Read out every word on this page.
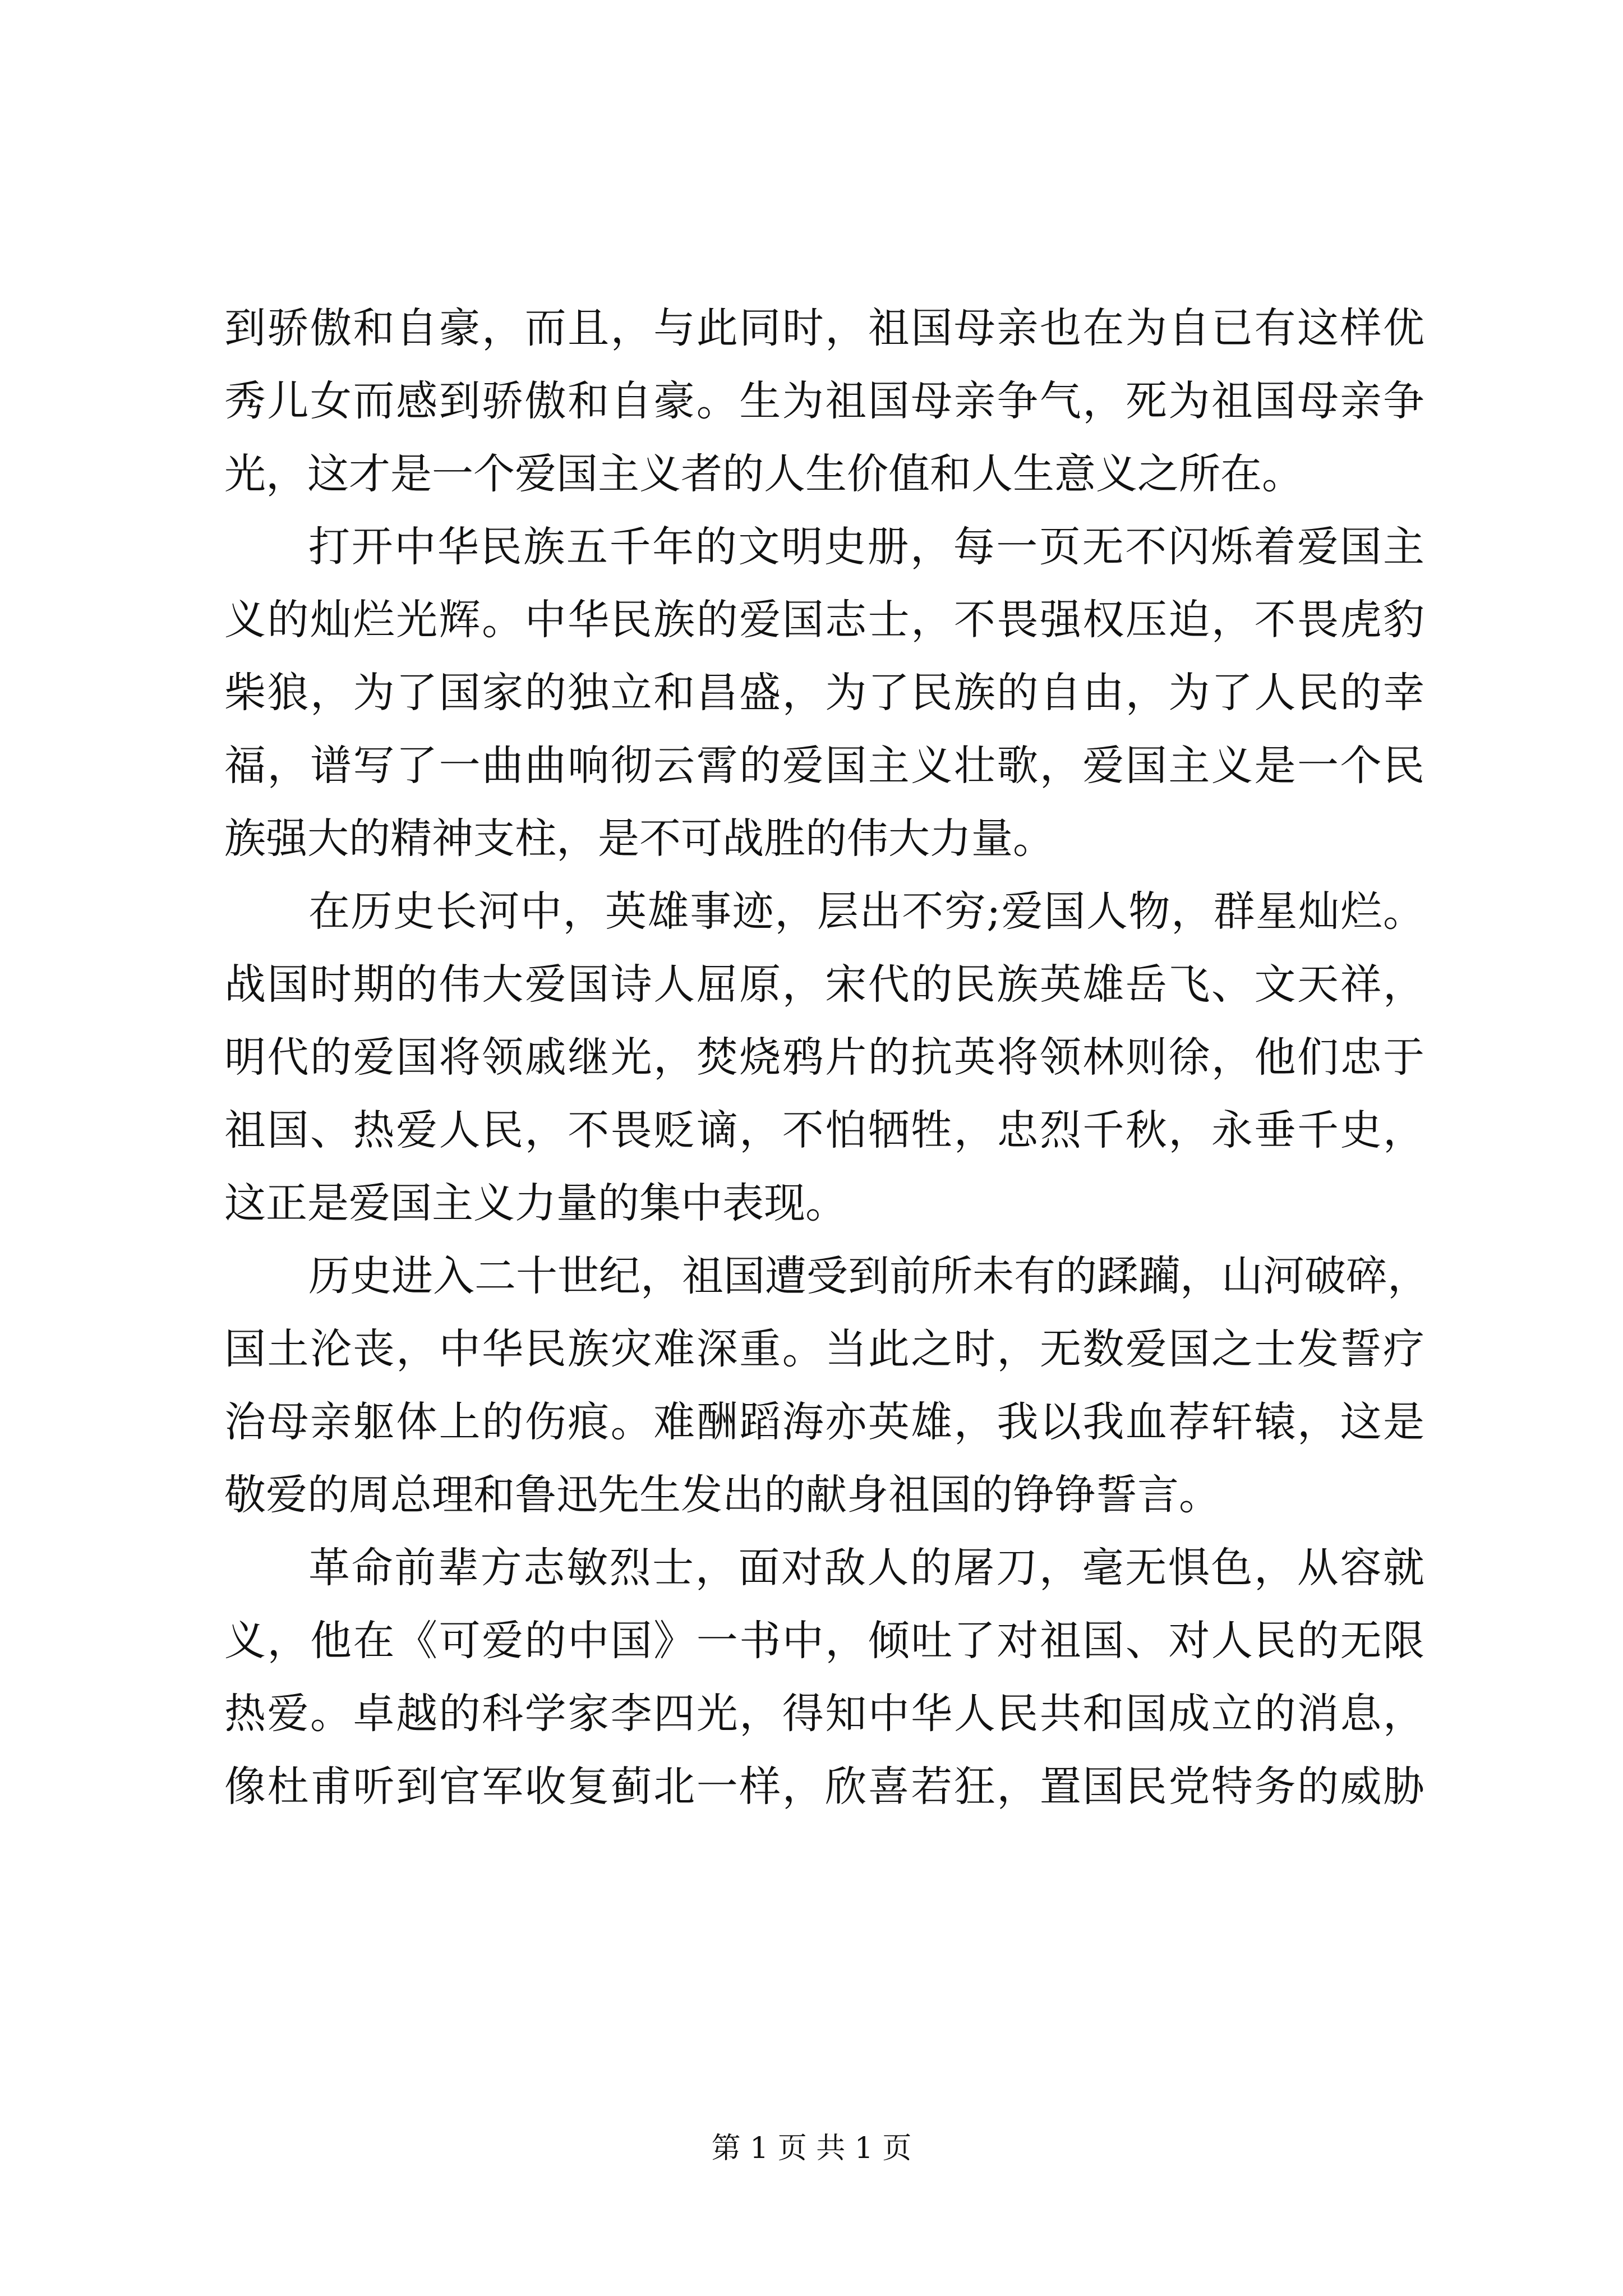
到骄傲和自豪，而且，与此同时，祖国母亲也在为自已有这样优
秀儿女而感到骄傲和自豪。生为祖国母亲争气，死为祖国母亲争
光，这才是一个爱国主义者的人生价值和人生意义之所在。
打开中华民族五千年的文明史册，每一页无不闪烁着爱国主
义的灿烂光辉。中华民族的爱国志士，不畏强权压迫，不畏虎豹
柴狼，为了国家的独立和昌盛，为了民族的自由，为了人民的幸
福，谱写了一曲曲响彻云霄的爱国主义壮歌，爱国主义是一个民
族强大的精神支柱，是不可战胜的伟大力量。
在历史长河中，英雄事迹，层出不穷;爱国人物，群星灿烂。
战国时期的伟大爱国诗人屈原，宋代的民族英雄岳飞、文天祥，
明代的爱国将领戚继光，焚烧鸦片的抗英将领林则徐，他们忠于
祖国、热爱人民，不畏贬谪，不怕牺牲，忠烈千秋，永垂千史，
这正是爱国主义力量的集中表现。
历史进入二十世纪，祖国遭受到前所未有的蹂躏，山河破碎，
国土沦丧，中华民族灾难深重。当此之时，无数爱国之士发誓疗
治母亲躯体上的伤痕。难酬蹈海亦英雄，我以我血荐轩辕，这是
敬爱的周总理和鲁迅先生发出的献身祖国的铮铮誓言。
革命前辈方志敏烈士，面对敌人的屠刀，毫无惧色，从容就
义，他在《可爱的中国》一书中，倾吐了对祖国、对人民的无限
热爱。卓越的科学家李四光，得知中华人民共和国成立的消息，
像杜甫听到官军收复蓟北一样，欣喜若狂，置国民党特务的威胁
第 1 页 共 1 页
